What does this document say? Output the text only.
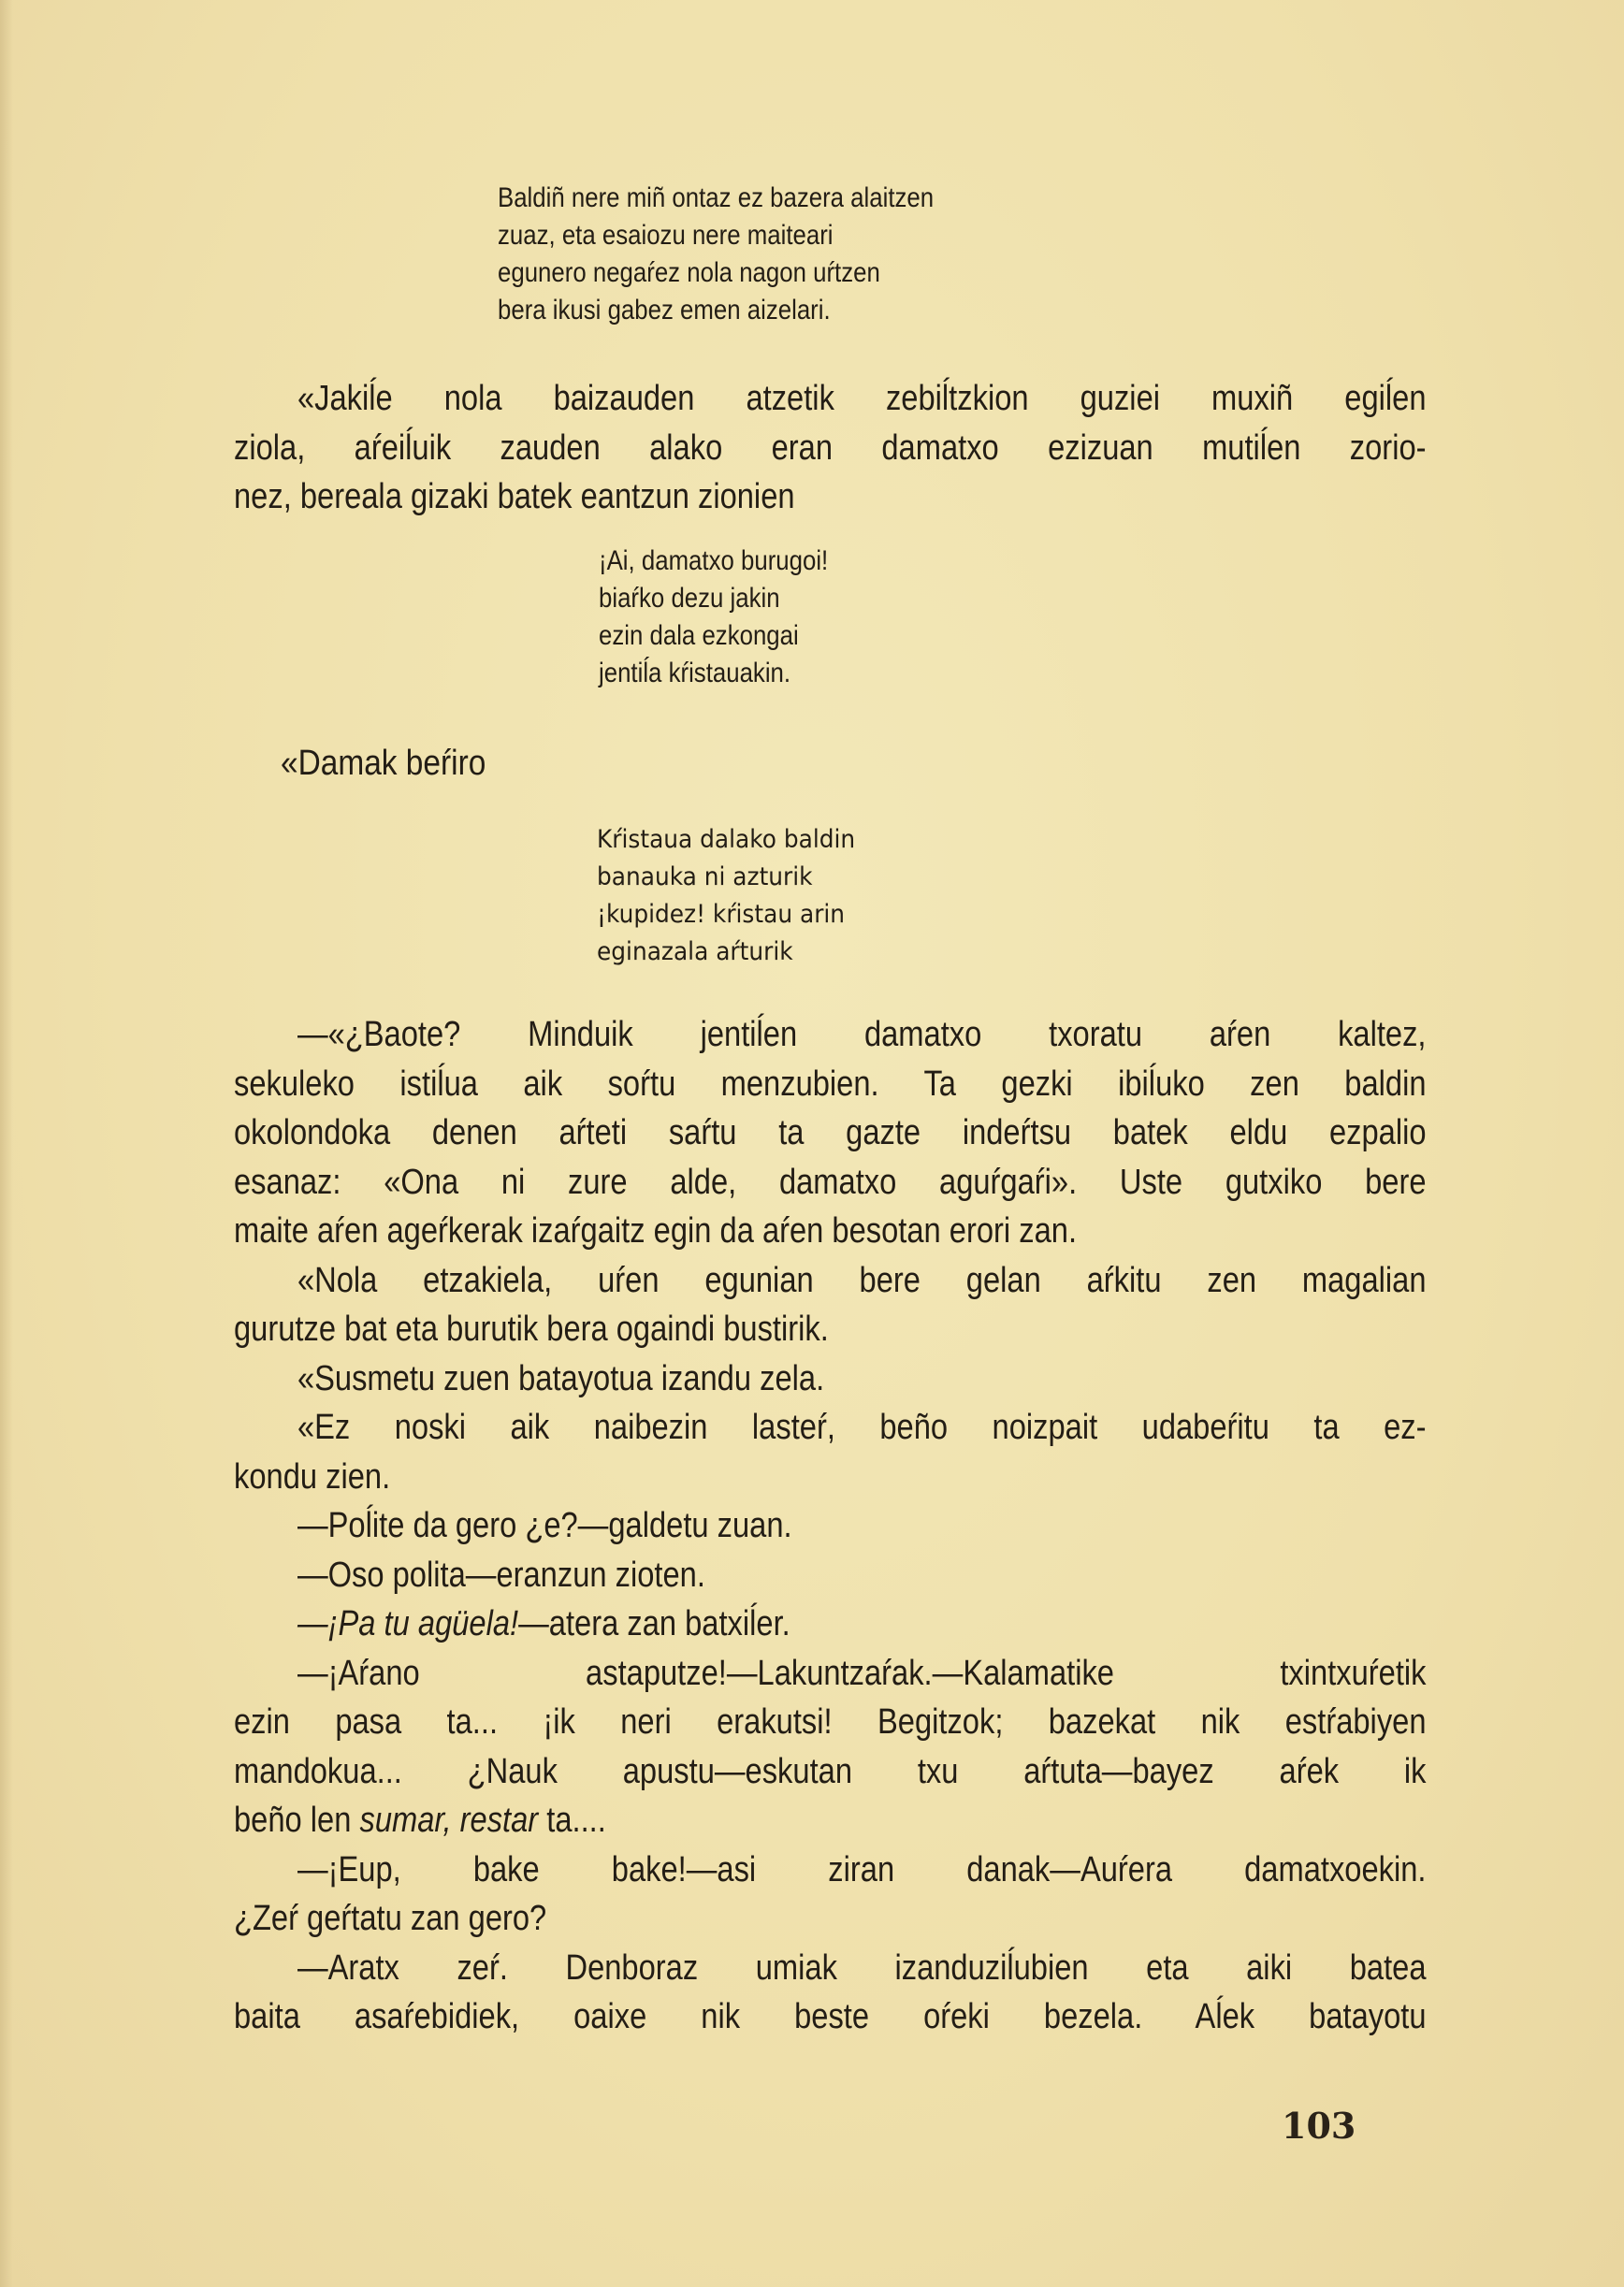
Baldiñ nere miñ ontaz ez bazera alaitzen
zuaz, eta esaiozu nere maiteari
egunero negaŕez nola nagon uŕtzen
bera ikusi gabez emen aizelari.
«Jakiĺe nola baizauden atzetik zebiĺtzkion guziei muxiñ egiĺen
ziola, aŕeiĺuik zauden alako eran damatxo ezizuan mutiĺen zorio-
nez, bereala gizaki batek eantzun zionien
¡Ai, damatxo burugoi!
biaŕko dezu jakin
ezin dala ezkongai
jentiĺa kŕistauakin.
«Damak beŕiro
Kŕistaua dalako baldin
banauka ni azturik
¡kupidez! kŕistau arin
eginazala aŕturik
—«¿Baote? Minduik jentiĺen damatxo txoratu aŕen kaltez,
sekuleko istiĺua aik soŕtu menzubien. Ta gezki ibiĺuko zen baldin
okolondoka denen aŕteti saŕtu ta gazte indeŕtsu batek eldu ezpalio
esanaz: «Ona ni zure alde, damatxo aguŕgaŕi». Uste gutxiko bere
maite aŕen ageŕkerak izaŕgaitz egin da aŕen besotan erori zan.
«Nola etzakiela, uŕen egunian bere gelan aŕkitu zen magalian
gurutze bat eta burutik bera ogaindi bustirik.
«Susmetu zuen batayotua izandu zela.
«Ez noski aik naibezin lasteŕ, beño noizpait udabeŕitu ta ez-
kondu zien.
—Poĺite da gero ¿e?—galdetu zuan.
—Oso polita—eranzun zioten.
—¡Pa tu agüela!—atera zan batxiĺer.
—¡Aŕano astaputze!—Lakuntzaŕak.—Kalamatike txintxuŕetik
ezin pasa ta... ¡ik neri erakutsi! Begitzok; bazekat nik estŕabiyen
mandokua... ¿Nauk apustu—eskutan txu aŕtuta—bayez aŕek ik
beño len sumar, restar ta....
—¡Eup, bake bake!—asi ziran danak—Auŕera damatxoekin.
¿Zeŕ geŕtatu zan gero?
—Aratx zeŕ. Denboraz umiak izanduziĺubien eta aiki batea
baita asaŕebidiek, oaixe nik beste oŕeki bezela. Aĺek batayotu
103
